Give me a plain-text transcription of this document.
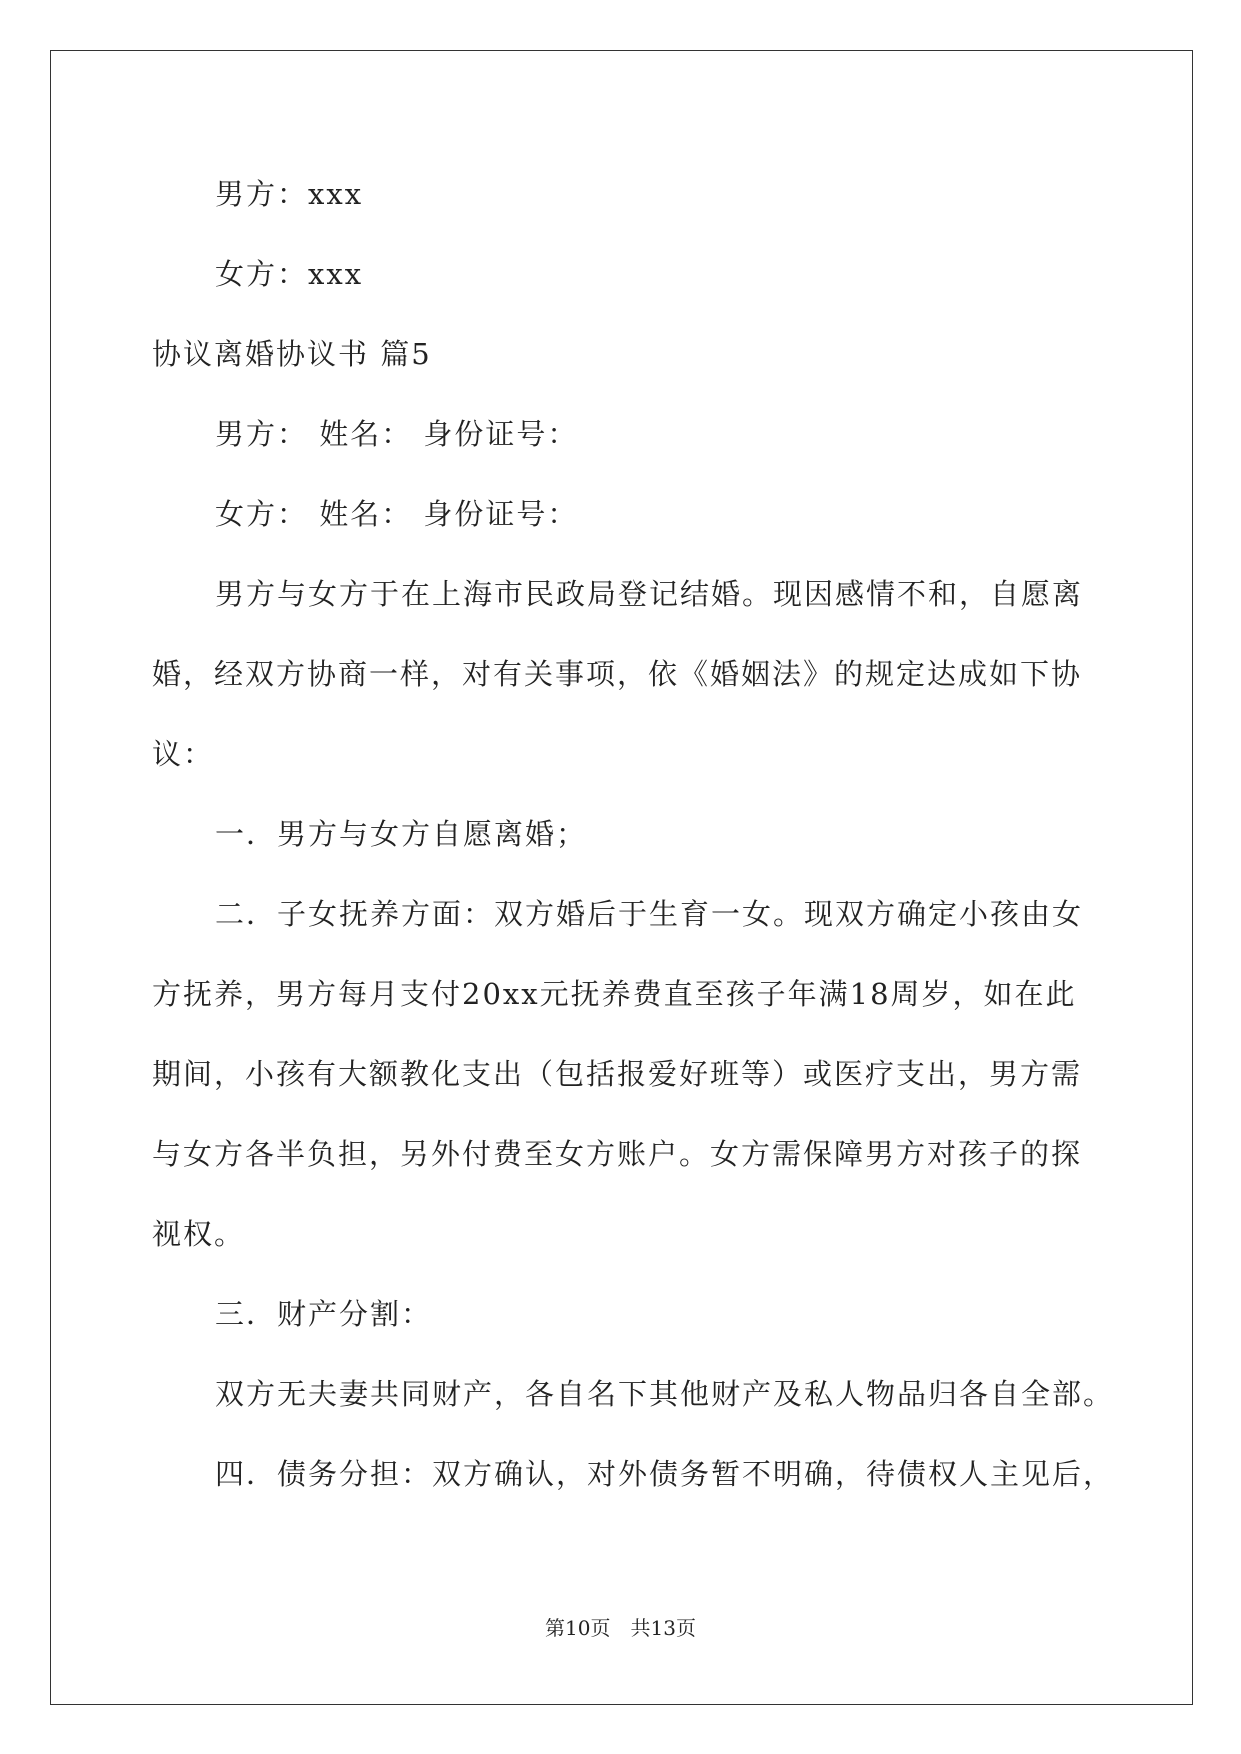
男方：xxx
女方：xxx
协议离婚协议书 篇5
男方： 姓名： 身份证号：
女方： 姓名： 身份证号：
男方与女方于在上海市民政局登记结婚。现因感情不和，自愿离
婚，经双方协商一样，对有关事项，依《婚姻法》的规定达成如下协
议：
一．男方与女方自愿离婚；
二．子女抚养方面：双方婚后于生育一女。现双方确定小孩由女
方抚养，男方每月支付20xx元抚养费直至孩子年满18周岁，如在此
期间，小孩有大额教化支出（包括报爱好班等）或医疗支出，男方需
与女方各半负担，另外付费至女方账户。女方需保障男方对孩子的探
视权。
三．财产分割：
双方无夫妻共同财产，各自名下其他财产及私人物品归各自全部。
四．债务分担：双方确认，对外债务暂不明确，待债权人主见后，
第10页　共13页
